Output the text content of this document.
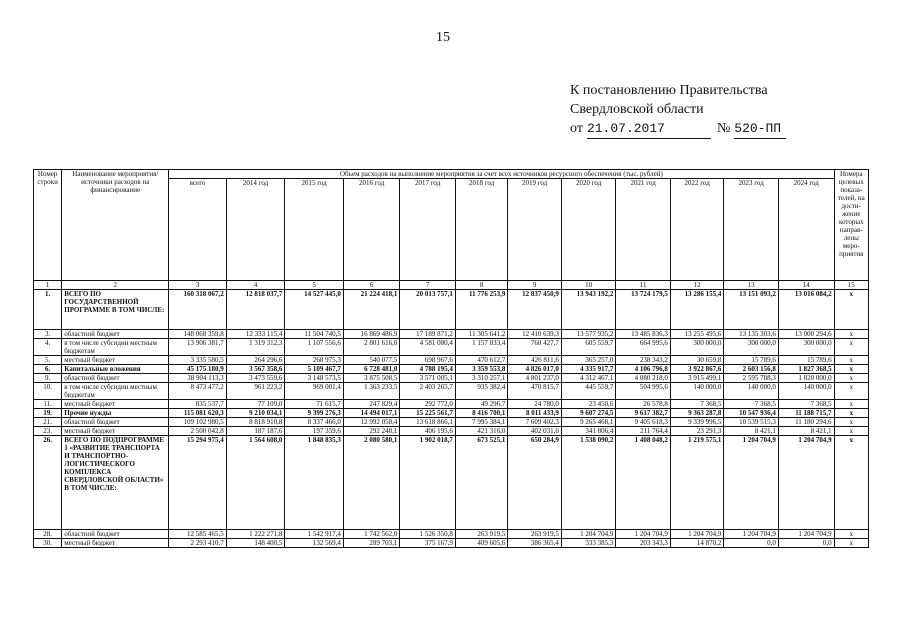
15
К постановлению Правительства
Свердловской области
от 21.07.2017	№ 520-ПП
Номер строки	Наименование мероприятия/источники расходов на финансирование	Объем расходов на выполнение мероприятия за счет всех источников ресурсного обеспечения (тыс. рублей)												Номера целевых показа-телей, на дости-жение которых направ-лены меро-приятия
		всего	2014 год	2015 год	2016 год	2017 год	2018 год	2019 год	2020 год	2021 год	2022 год	2023 год	2024 год	
1	2	3	4	5	6	7	8	9	10	11	12	13	14	15
1.	ВСЕГО ПО ГОСУДАРСТВЕННОЙ ПРОГРАММЕ В ТОМ ЧИСЛЕ:	160 318 067,2	12 818 037,7	14 527 445,0	21 224 418,1	20 013 757,1	11 776 253,9	12 837 450,9	13 943 192,2	13 724 179,5	13 286 155,4	13 151 093,2	13 016 084,2	х
3.	областной бюджет	148 068 359,8	12 333 115,4	11 504 740,5	16 869 486,9	17 189 871,2	11 305 641,2	12 410 639,3	13 577 935,2	13 485 836,3	13 255 495,6	13 135 303,6	13 000 294,6	х
4.	в том числе субсидии местным бюджетам	13 906 381,7	1 319 312,3	1 107 556,6	2 801 616,0	4 581 080,4	1 157 833,4	768 427,7	605 559,7	664 995,6	300 000,0	300 000,0	300 000,0	х
5.	местный бюджет	3 335 580,5	264 296,6	268 975,3	540 077,5	698 967,6	470 612,7	426 811,6	365 257,0	238 343,2	30 659,8	15 789,6	15 789,6	х
6.	Капитальные вложения	45 175 180,9	3 567 358,6	5 109 467,7	6 728 481,0	4 788 195,4	3 359 553,8	4 826 017,0	4 335 917,7	4 106 796,8	3 922 867,6	2 603 156,8	1 827 368,5	х
9.	областной бюджет	38 904 113,3	3 473 559,6	3 148 573,5	3 875 508,5	3 571 005,1	3 310 257,1	4 801 237,0	4 312 467,1	4 080 218,0	3 915 499,1	2 595 788,3	1 820 000,0	х
10.	в том числе субсидии местным бюджетам	8 473 477,2	961 223,2	969 001,4	1 363 233,5	2 403 265,7	935 382,4	470 815,7	445 559,7	504 995,6	140 000,0	140 000,0	140 000,0	х
11.	местный бюджет	835 537,7	77 109,0	71 615,7	247 829,4	292 772,0	49 296,7	24 780,0	23 450,6	26 578,8	7 368,5	7 368,5	7 368,5	х
19.	Прочие нужды	115 081 620,3	9 210 034,1	9 399 276,3	14 494 017,1	15 225 561,7	8 416 700,1	8 011 433,9	9 607 274,5	9 617 382,7	9 363 287,8	10 547 936,4	11 188 715,7	х
21.	областной бюджет	109 102 980,5	8 818 910,8	8 337 466,0	12 992 058,4	13 618 866,1	7 995 384,1	7 609 402,3	9 265 468,1	9 405 618,3	9 339 996,5	10 539 515,3	11 180 294,6	х
23.	местный бюджет	2 500 042,8	187 187,6	197 359,6	292 248,1	406 195,6	421 316,0	402 031,6	341 806,4	211 764,4	23 291,3	8 421,1	8 421,1	х
26.	ВСЕГО ПО ПОДПРОГРАММЕ 1 «РАЗВИТИЕ ТРАНСПОРТА И ТРАНСПОРТНО-ЛОГИСТИЧЕСКОГО КОМПЛЕКСА СВЕРДЛОВСКОЙ ОБЛАСТИ» В ТОМ ЧИСЛЕ:	15 294 975,4	1 564 608,0	1 848 835,3	2 080 580,1	1 902 018,7	673 525,1	650 284,9	1 538 090,2	1 408 048,2	1 219 575,1	1 204 704,9	1 204 704,9	х
28.	областной бюджет	12 585 465,5	1 222 271,8	1 542 917,4	1 742 562,0	1 526 350,8	263 919,5	263 919,5	1 204 704,9	1 204 704,9	1 204 704,9	1 204 704,9	1 204 704,9	х
30.	местный бюджет	2 293 410,7	148 400,5	132 569,4	289 703,1	375 167,9	409 605,6	386 365,4	333 385,3	203 343,3	14 870,2	0,0	0,0	х
